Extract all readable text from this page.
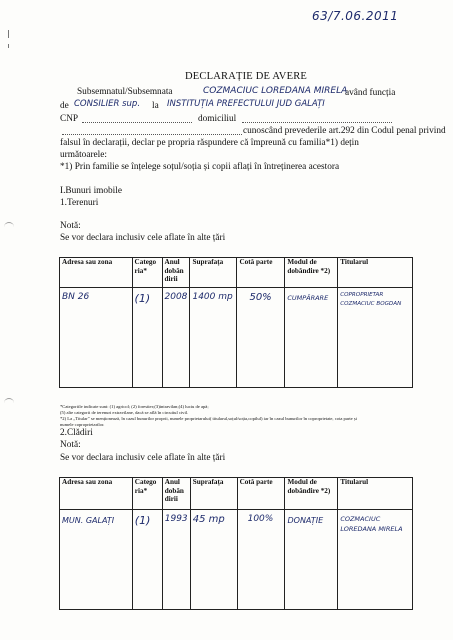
63/7.06.2011
DECLARAȚIE DE AVERE
Subsemnatul/Subsemnata	COZMACIUC LOREDANA MIRELA
având funcția
de CONSILIER sup. la INSTITUȚIA PREFECTULUI JUD GALAȚI
CNP	domiciliul
cunoscând prevederile art.292 din Codul penal privind
falsul în declarații, declar pe propria răspundere că împreună cu familia*1) dețin
următoarele:
*1) Prin familie se înțelege soțul/soția și copii aflați în întreținerea acestora
I.Bunuri imobile
1.Terenuri
Notă:
Se vor declara inclusiv cele aflate în alte țări
Adresa sau zona	Catego ria*	Anul dobân dirii	Suprafața	Cotă parte	Modul de dobândire *2)	Titularul

BN 26	(1)	2008	1400 mp	50%	CUMPĂRARE	COPROPRIETAR COZMACIUC BOGDAN
*Categoriile indicate sunt: (1) agricol; (2) forestier;(3)intravilan;(4) luciu de apă;
(5) alte categorii de terenuri extravilane, dacă se află în circuitul civil.
*2) La „Titular” se menționează, în cazul bunurilor proprii, numele proprietarului( titularul,soțul/soția,copilul) iar în cazul bunurilor în coproprietate, cota parte și
numele coproprietarilor.
2.Clădiri
Notă:
Se vor declara inclusiv cele aflate în alte țări
Adresa sau zona	Catego ria*	Anul dobân dirii	Suprafața	Cotă parte	Modul de dobândire *2)	Titularul

MUN. GALAȚI	(1)	1993	45 mp	100%	DONAȚIE	COZMACIUC LOREDANA MIRELA
